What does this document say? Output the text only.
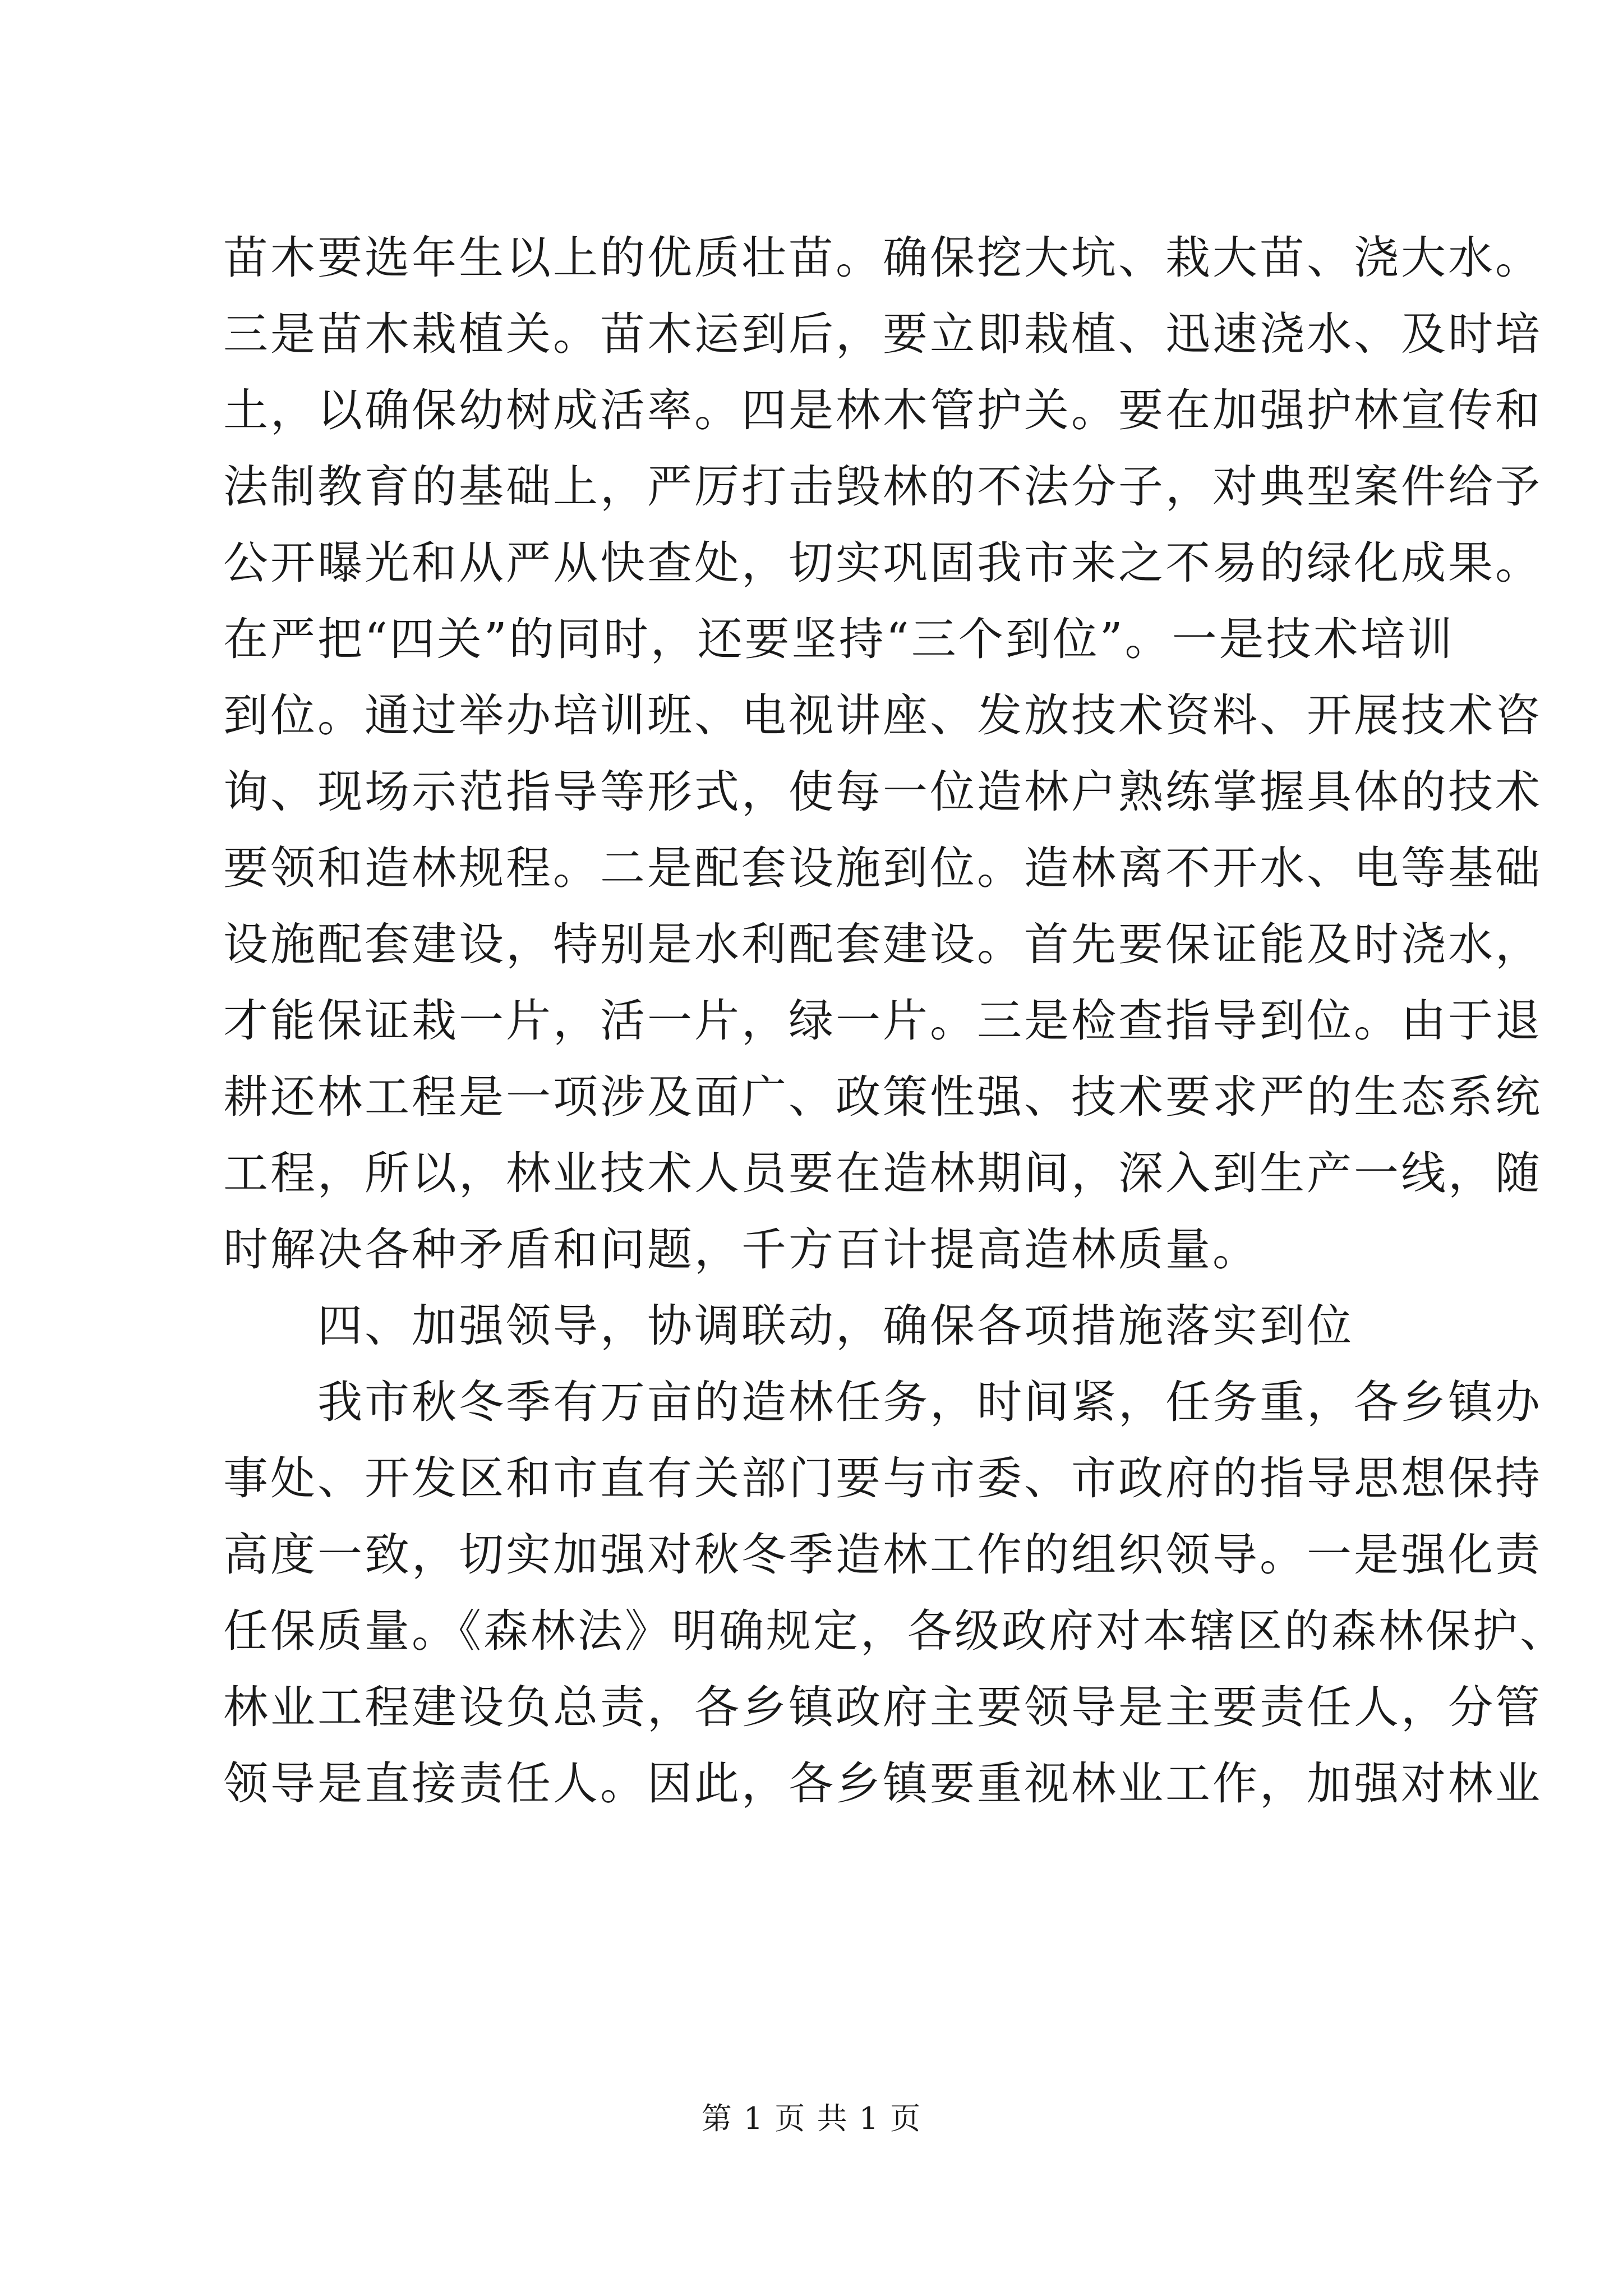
苗木要选年生以上的优质壮苗。确保挖大坑、栽大苗、浇大水。
三是苗木栽植关。苗木运到后，要立即栽植、迅速浇水、及时培
土，以确保幼树成活率。四是林木管护关。要在加强护林宣传和
法制教育的基础上，严厉打击毁林的不法分子，对典型案件给予
公开曝光和从严从快查处，切实巩固我市来之不易的绿化成果。
在严把“四关”的同时，还要坚持“三个到位”。一是技术培训
到位。通过举办培训班、电视讲座、发放技术资料、开展技术咨
询、现场示范指导等形式，使每一位造林户熟练掌握具体的技术
要领和造林规程。二是配套设施到位。造林离不开水、电等基础
设施配套建设，特别是水利配套建设。首先要保证能及时浇水，
才能保证栽一片，活一片，绿一片。三是检查指导到位。由于退
耕还林工程是一项涉及面广、政策性强、技术要求严的生态系统
工程，所以，林业技术人员要在造林期间，深入到生产一线，随
时解决各种矛盾和问题，千方百计提高造林质量。
四、加强领导，协调联动，确保各项措施落实到位
我市秋冬季有万亩的造林任务，时间紧，任务重，各乡镇办
事处、开发区和市直有关部门要与市委、市政府的指导思想保持
高度一致，切实加强对秋冬季造林工作的组织领导。一是强化责
任保质量。《森林法》明确规定，各级政府对本辖区的森林保护、
林业工程建设负总责，各乡镇政府主要领导是主要责任人，分管
领导是直接责任人。因此，各乡镇要重视林业工作，加强对林业
第 1 页 共 1 页
